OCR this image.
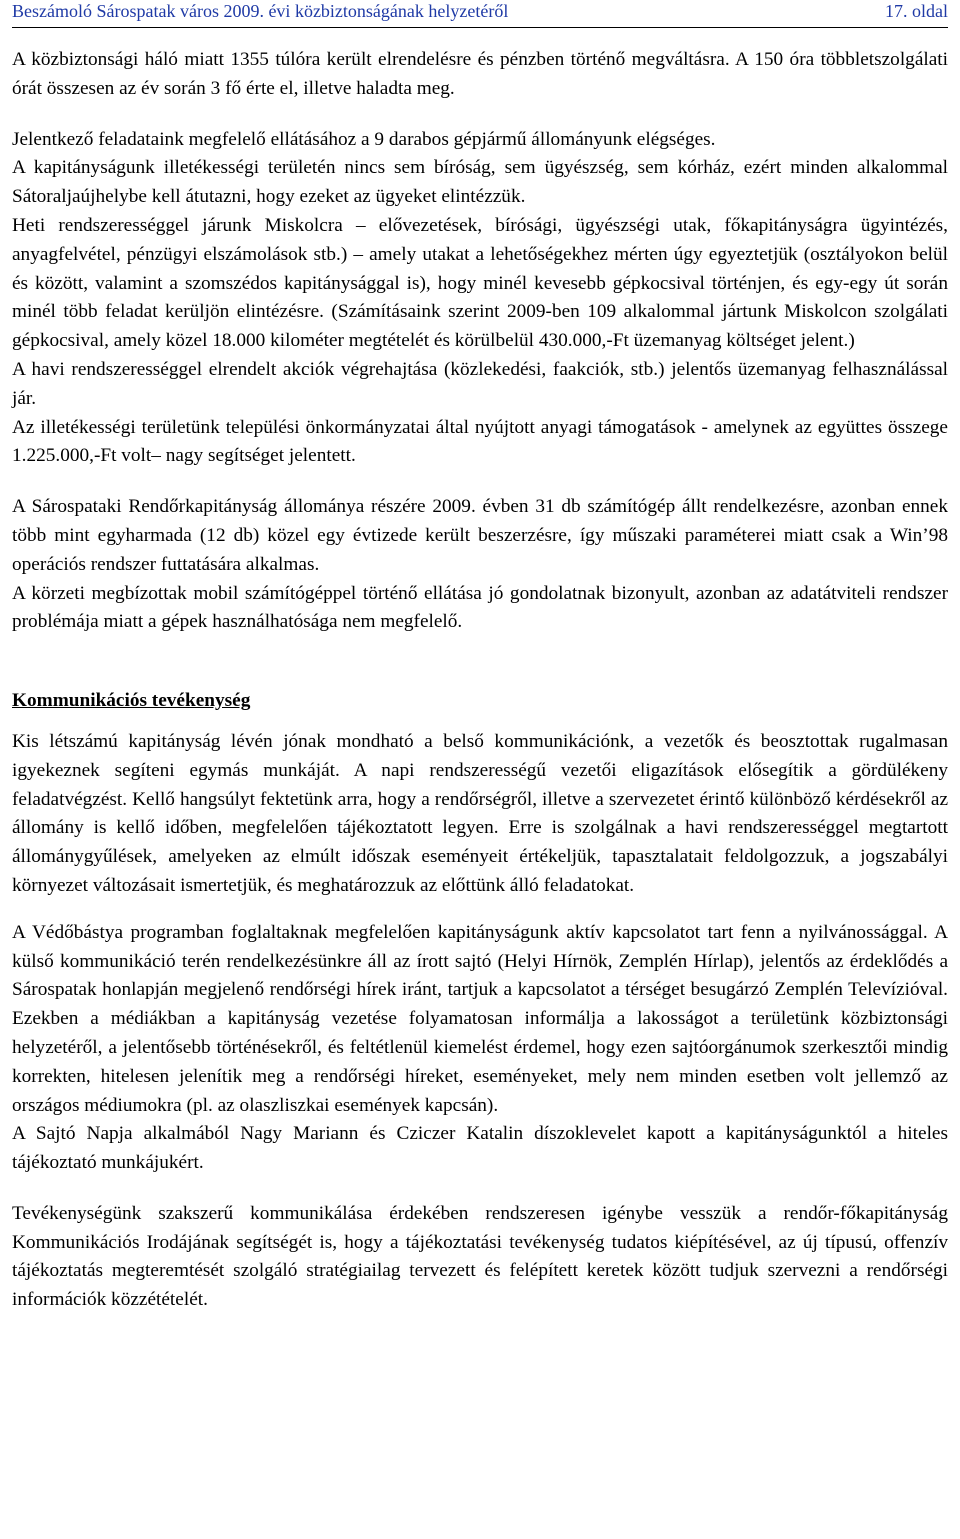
Beszámoló Sárospatak város 2009. évi közbiztonságának helyzetéről	17. oldal

A közbiztonsági háló miatt 1355 túlóra került elrendelésre és pénzben történő megváltásra. A 150 óra többletszolgálati órát összesen az év során 3 fő érte el, illetve haladta meg.

Jelentkező feladataink megfelelő ellátásához a 9 darabos gépjármű állományunk elégséges.

A kapitányságunk illetékességi területén nincs sem bíróság, sem ügyészség, sem kórház, ezért minden alkalommal Sátoraljaújhelybe kell átutazni, hogy ezeket az ügyeket elintézzük.

Heti rendszerességgel járunk Miskolcra – elővezetések, bírósági, ügyészségi utak, főkapitányságra ügyintézés, anyagfelvétel, pénzügyi elszámolások stb.) – amely utakat a lehetőségekhez mérten úgy egyeztetjük (osztályokon belül és között, valamint a szomszédos kapitánysággal is), hogy minél kevesebb gépkocsival történjen, és egy-egy út során minél több feladat kerüljön elintézésre. (Számításaink szerint 2009-ben 109 alkalommal jártunk Miskolcon szolgálati gépkocsival, amely közel 18.000 kilométer megtételét és körülbelül 430.000,-Ft üzemanyag költséget jelent.)

A havi rendszerességgel elrendelt akciók végrehajtása (közlekedési, faakciók, stb.) jelentős üzemanyag felhasználással jár.

Az illetékességi területünk települési önkormányzatai által nyújtott anyagi támogatások - amelynek az együttes összege 1.225.000,-Ft volt– nagy segítséget jelentett.

A Sárospataki Rendőrkapitányság állománya részére 2009. évben 31 db számítógép állt rendelkezésre, azonban ennek több mint egyharmada (12 db) közel egy évtizede került beszerzésre, így műszaki paraméterei miatt csak a Win’98 operációs rendszer futtatására alkalmas.

A körzeti megbízottak mobil számítógéppel történő ellátása jó gondolatnak bizonyult, azonban az adatátviteli rendszer problémája miatt a gépek használhatósága nem megfelelő.

Kommunikációs tevékenység

Kis létszámú kapitányság lévén jónak mondható a belső kommunikációnk, a vezetők és beosztottak rugalmasan igyekeznek segíteni egymás munkáját. A napi rendszerességű vezetői eligazítások elősegítik a gördülékeny feladatvégzést. Kellő hangsúlyt fektetünk arra, hogy a rendőrségről, illetve a szervezetet érintő különböző kérdésekről az állomány is kellő időben, megfelelően tájékoztatott legyen. Erre is szolgálnak a havi rendszerességgel megtartott állománygyűlések, amelyeken az elmúlt időszak eseményeit értékeljük, tapasztalatait feldolgozzuk, a jogszabályi környezet változásait ismertetjük, és meghatározzuk az előttünk álló feladatokat.

A Védőbástya programban foglaltaknak megfelelően kapitányságunk aktív kapcsolatot tart fenn a nyilvánossággal. A külső kommunikáció terén rendelkezésünkre áll az írott sajtó (Helyi Hírnök, Zemplén Hírlap), jelentős az érdeklődés a Sárospatak honlapján megjelenő rendőrségi hírek iránt, tartjuk a kapcsolatot a térséget besugárzó Zemplén Televízióval. Ezekben a médiákban a kapitányság vezetése folyamatosan informálja a lakosságot a területünk közbiztonsági helyzetéről, a jelentősebb történésekről, és feltétlenül kiemelést érdemel, hogy ezen sajtóorgánumok szerkesztői mindig korrekten, hitelesen jelenítik meg a rendőrségi híreket, eseményeket, mely nem minden esetben volt jellemző az országos médiumokra (pl. az olaszliszkai események kapcsán).

A Sajtó Napja alkalmából Nagy Mariann és Cziczer Katalin díszoklevelet kapott a kapitányságunktól a hiteles tájékoztató munkájukért.

Tevékenységünk szakszerű kommunikálása érdekében rendszeresen igénybe vesszük a rendőr-főkapitányság Kommunikációs Irodájának segítségét is, hogy a tájékoztatási tevékenység tudatos kiépítésével, az új típusú, offenzív tájékoztatás megteremtését szolgáló stratégiailag tervezett és felépített keretek között tudjuk szervezni a rendőrségi információk közzétételét.
